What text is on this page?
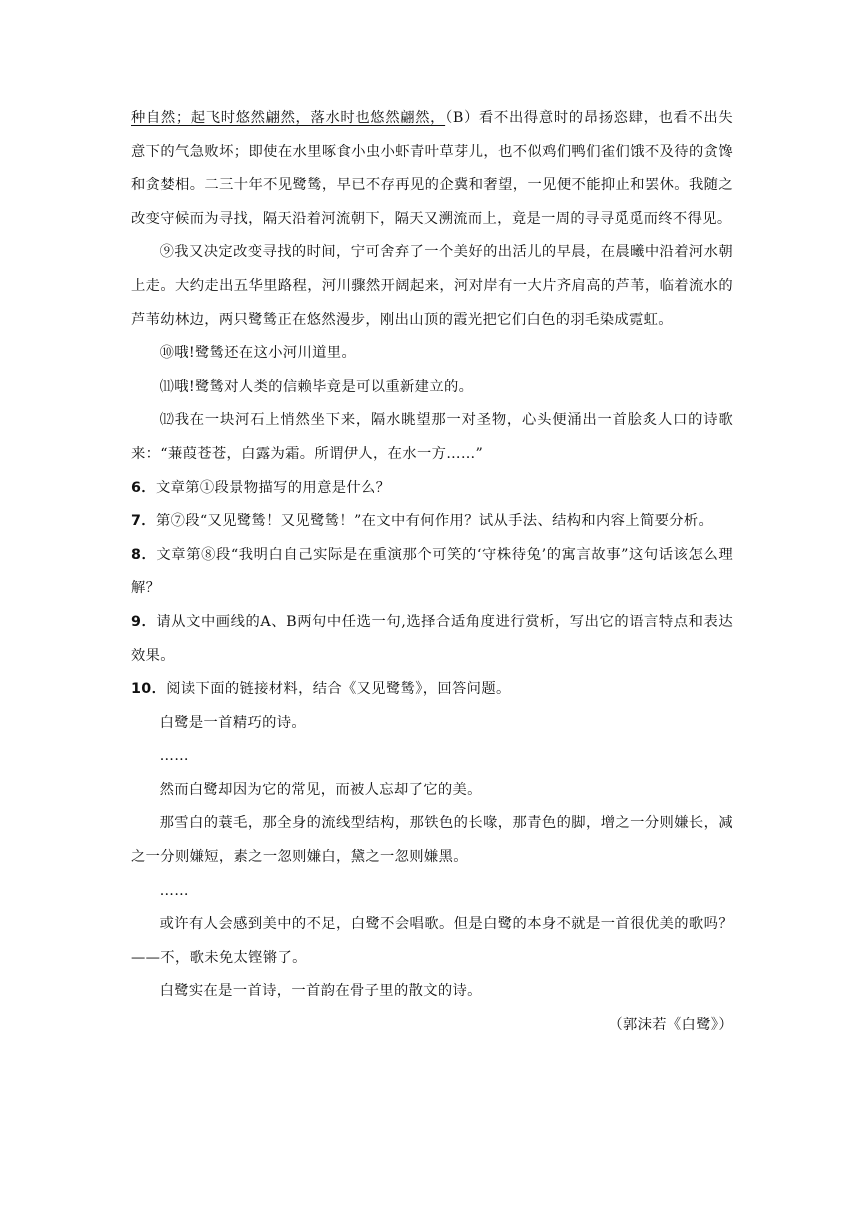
种自然；起飞时悠然翩然，落水时也悠然翩然，（B）看不出得意时的昂扬恣肆，也看不出失意下的气急败坏；即使在水里啄食小虫小虾青叶草芽儿，也不似鸡们鸭们雀们饿不及待的贪馋和贪婪相。二三十年不见鹭鸶，早已不存再见的企冀和奢望，一见便不能抑止和罢休。我随之改变守候而为寻找，隔天沿着河流朝下，隔天又溯流而上，竟是一周的寻寻觅觅而终不得见。

⑨我又决定改变寻找的时间，宁可舍弃了一个美好的出活儿的早晨，在晨曦中沿着河水朝上走。大约走出五华里路程，河川骤然开阔起来，河对岸有一大片齐肩高的芦苇，临着流水的芦苇幼林边，两只鹭鸶正在悠然漫步，刚出山顶的霞光把它们白色的羽毛染成霓虹。

⑩哦!鹭鸶还在这小河川道里。

⑾哦!鹭鸶对人类的信赖毕竟是可以重新建立的。

⑿我在一块河石上悄然坐下来，隔水眺望那一对圣物，心头便涌出一首脍炙人口的诗歌来：“蒹葭苍苍，白露为霜。所谓伊人，在水一方……”

6．文章第①段景物描写的用意是什么？

7．第⑦段“又见鹭鸶！又见鹭鸶！”在文中有何作用？试从手法、结构和内容上简要分析。

8．文章第⑧段“我明白自己实际是在重演那个可笑的‘守株待兔’的寓言故事”这句话该怎么理解？

9．请从文中画线的A、B两句中任选一句,选择合适角度进行赏析，写出它的语言特点和表达效果。

10．阅读下面的链接材料，结合《又见鹭鸶》，回答问题。

白鹭是一首精巧的诗。

……

然而白鹭却因为它的常见，而被人忘却了它的美。

那雪白的蓑毛，那全身的流线型结构，那铁色的长喙，那青色的脚，增之一分则嫌长，减之一分则嫌短，素之一忽则嫌白，黛之一忽则嫌黑。

……

或许有人会感到美中的不足，白鹭不会唱歌。但是白鹭的本身不就是一首很优美的歌吗？——不，歌未免太铿锵了。

白鹭实在是一首诗，一首韵在骨子里的散文的诗。

（郭沫若《白鹭》）
